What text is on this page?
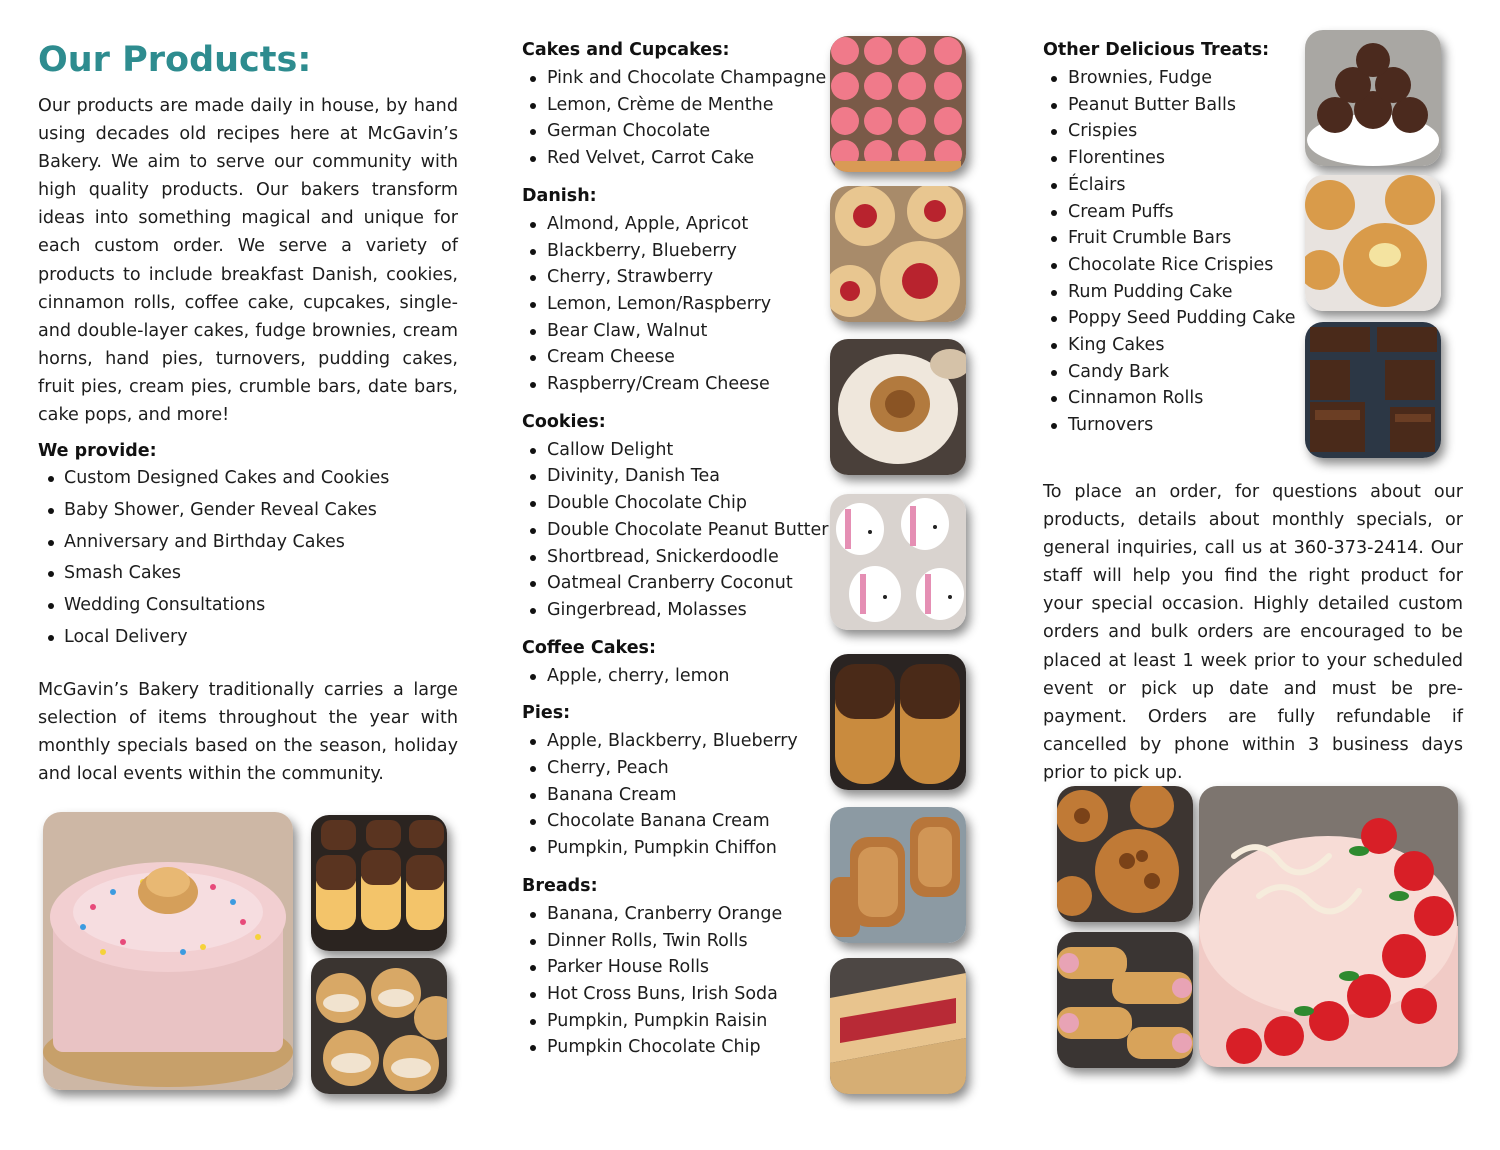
Our Products:

Our products are made daily in house, by hand using decades old recipes here at McGavin’s Bakery. We aim to serve our community with high quality products. Our bakers transform ideas into something magical and unique for each custom order. We serve a variety of products to include breakfast Danish, cookies, cinnamon rolls, coffee cake, cupcakes, single- and double-layer cakes, fudge brownies, cream horns, hand pies, turnovers, pudding cakes, fruit pies, cream pies, crumble bars, date bars, cake pops, and more!

We provide:

Custom Designed Cakes and Cookies
Baby Shower, Gender Reveal Cakes
Anniversary and Birthday Cakes
Smash Cakes
Wedding Consultations
Local Delivery

McGavin’s Bakery traditionally carries a large selection of items throughout the year with monthly specials based on the season, holiday and local events within the community.

Cakes and Cupcakes:

Pink and Chocolate Champagne
Lemon, Crème de Menthe
German Chocolate
Red Velvet, Carrot Cake

Danish:

Almond, Apple, Apricot
Blackberry, Blueberry
Cherry, Strawberry
Lemon, Lemon/Raspberry
Bear Claw, Walnut
Cream Cheese
Raspberry/Cream Cheese

Cookies:

Callow Delight
Divinity, Danish Tea
Double Chocolate Chip
Double Chocolate Peanut Butter
Shortbread, Snickerdoodle
Oatmeal Cranberry Coconut
Gingerbread, Molasses

Coffee Cakes:

Apple, cherry, lemon

Pies:

Apple, Blackberry, Blueberry
Cherry, Peach
Banana Cream
Chocolate Banana Cream
Pumpkin, Pumpkin Chiffon

Breads:

Banana, Cranberry Orange
Dinner Rolls, Twin Rolls
Parker House Rolls
Hot Cross Buns, Irish Soda
Pumpkin, Pumpkin Raisin
Pumpkin Chocolate Chip

Other Delicious Treats:

Brownies, Fudge
Peanut Butter Balls
Crispies
Florentines
Éclairs
Cream Puffs
Fruit Crumble Bars
Chocolate Rice Crispies
Rum Pudding Cake
Poppy Seed Pudding Cake
King Cakes
Candy Bark
Cinnamon Rolls
Turnovers

To place an order, for questions about our products, details about monthly specials, or general inquiries, call us at 360-373-2414. Our staff will help you find the right product for your special occasion. Highly detailed custom orders and bulk orders are encouraged to be placed at least 1 week prior to your scheduled event or pick up date and must be pre-payment. Orders are fully refundable if cancelled by phone within 3 business days prior to pick up.
